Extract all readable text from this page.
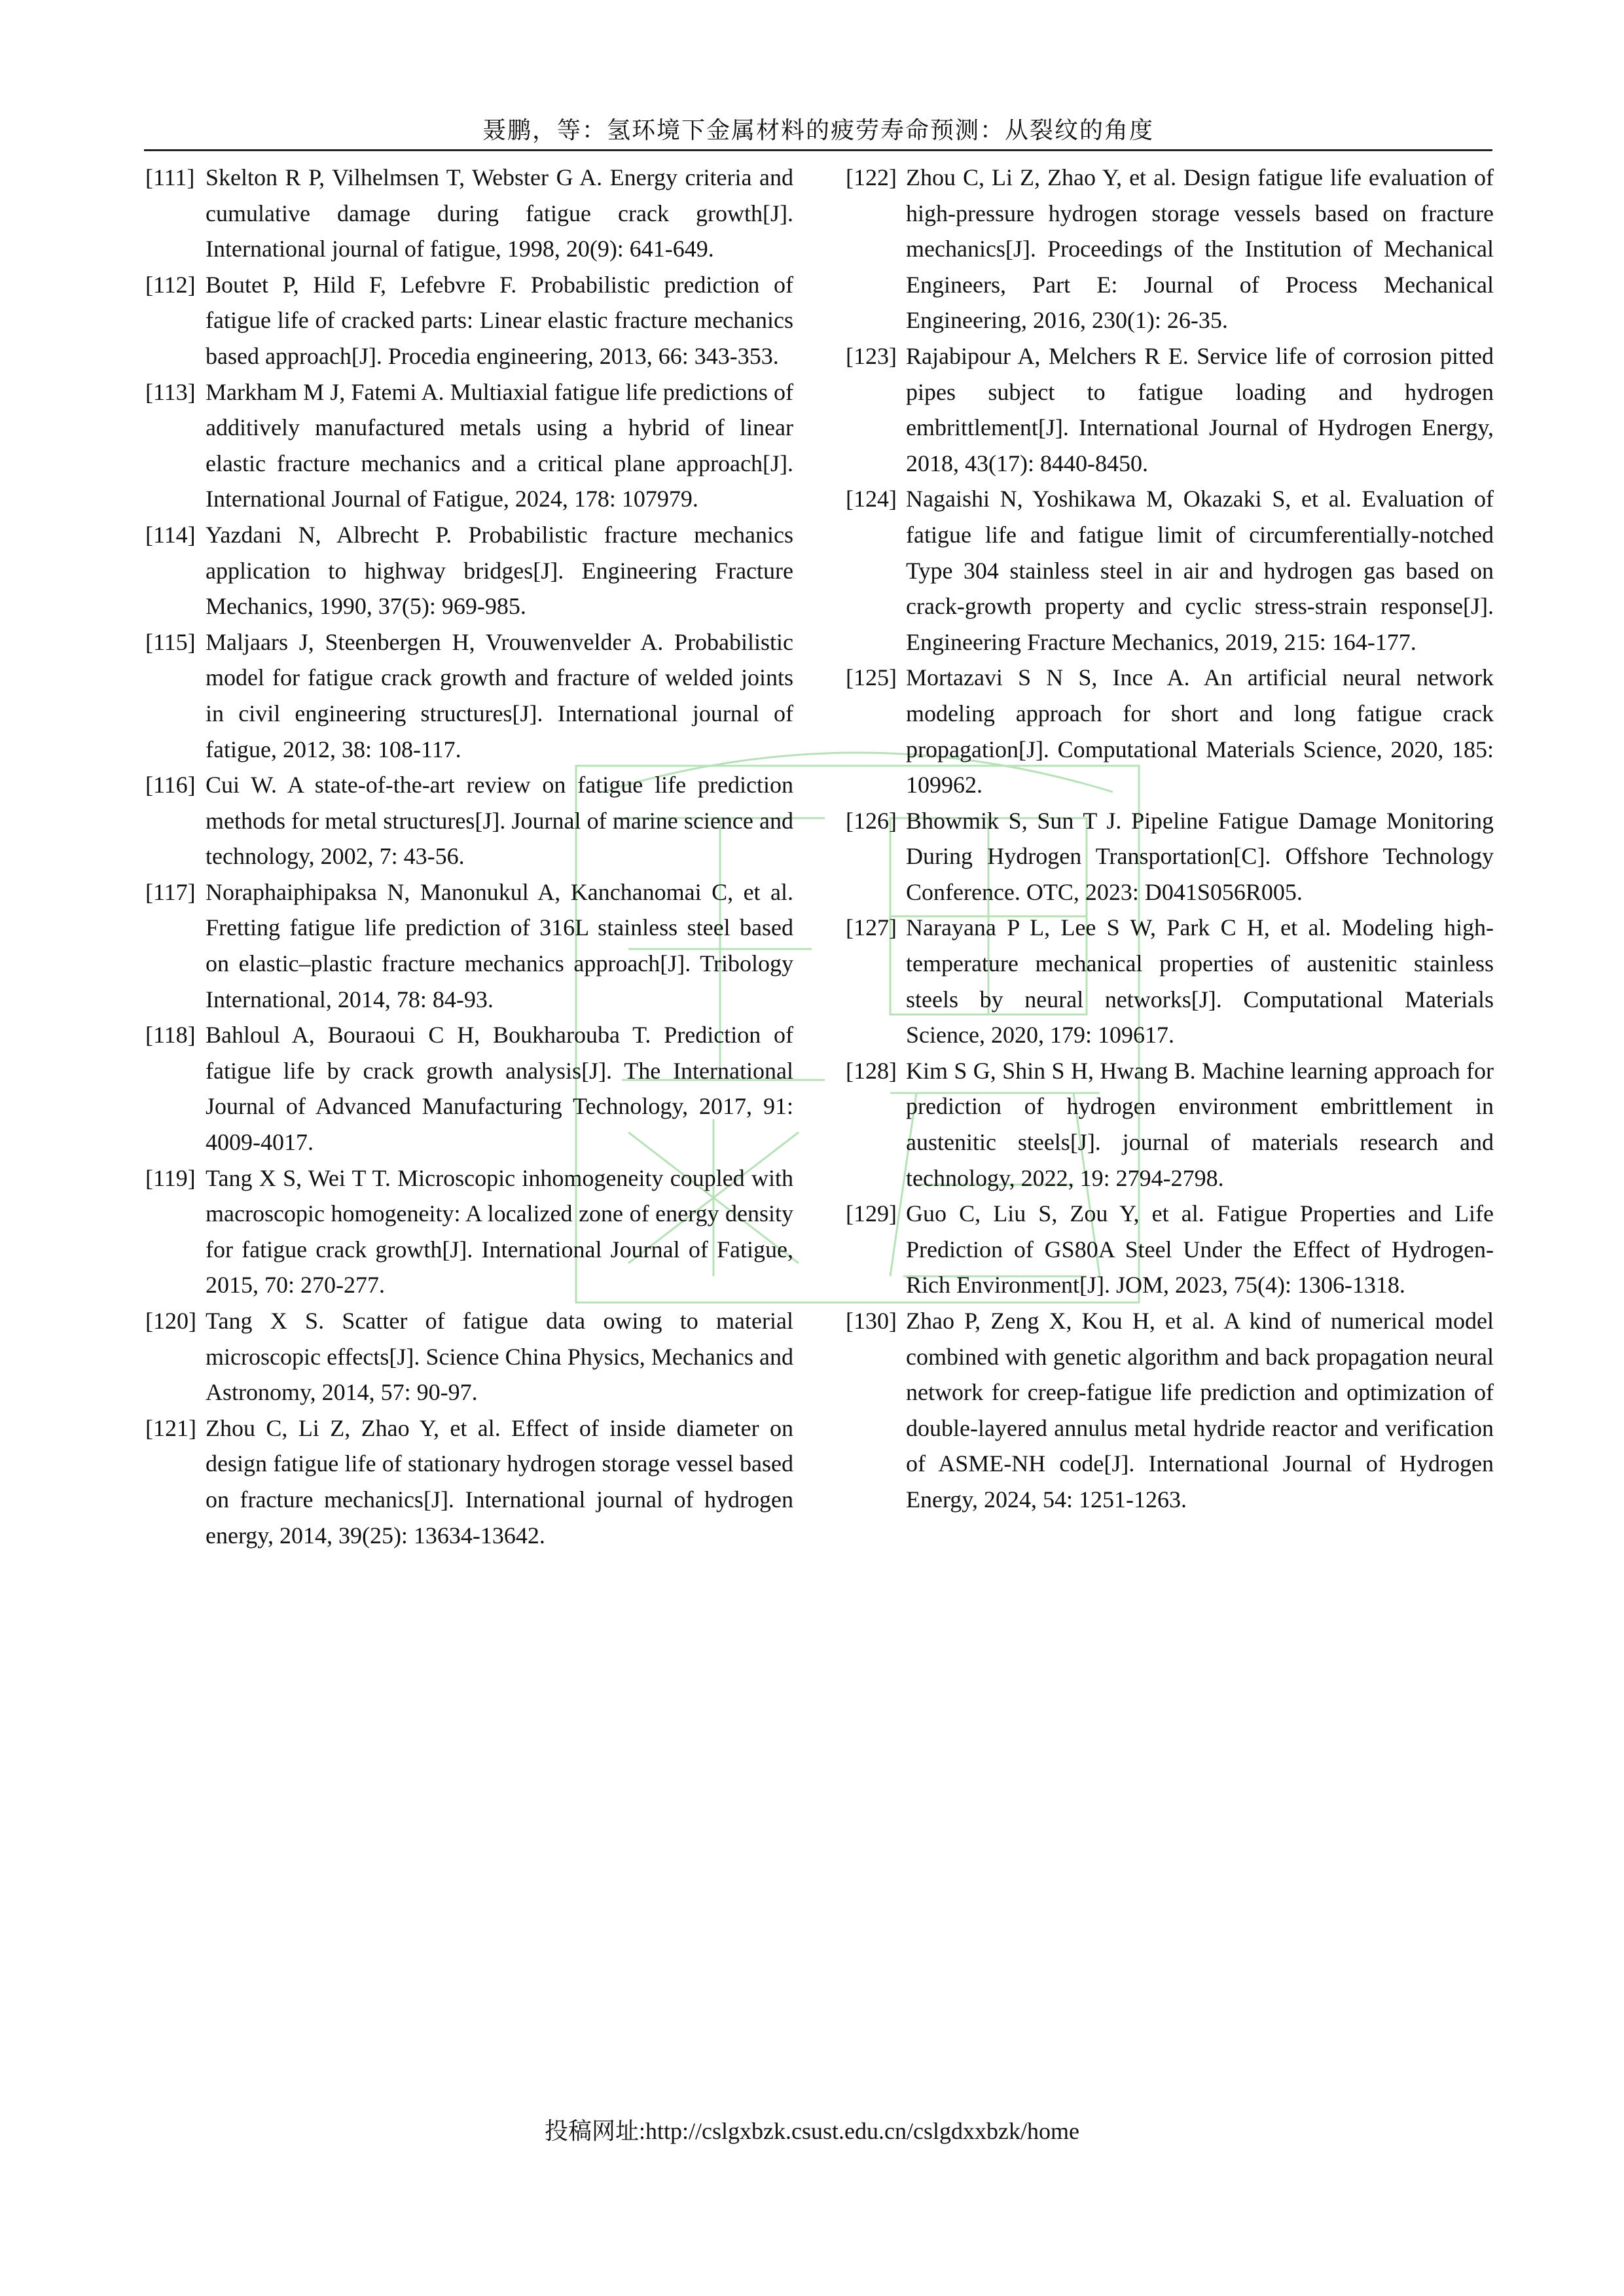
聂鹏，等：氢环境下金属材料的疲劳寿命预测：从裂纹的角度

[111] Skelton R P, Vilhelmsen T, Webster G A. Energy criteria and cumulative damage during fatigue crack growth[J]. International journal of fatigue, 1998, 20(9): 641-649.

[112] Boutet P, Hild F, Lefebvre F. Probabilistic prediction of fatigue life of cracked parts: Linear elastic fracture mechanics based approach[J]. Procedia engineering, 2013, 66: 343-353.

[113] Markham M J, Fatemi A. Multiaxial fatigue life predictions of additively manufactured metals using a hybrid of linear elastic fracture mechanics and a critical plane approach[J]. International Journal of Fatigue, 2024, 178: 107979.

[114] Yazdani N, Albrecht P. Probabilistic fracture mechanics application to highway bridges[J]. Engineering Fracture Mechanics, 1990, 37(5): 969-985.

[115] Maljaars J, Steenbergen H, Vrouwenvelder A. Probabilistic model for fatigue crack growth and fracture of welded joints in civil engineering structures[J]. International journal of fatigue, 2012, 38: 108-117.

[116] Cui W. A state-of-the-art review on fatigue life prediction methods for metal structures[J]. Journal of marine science and technology, 2002, 7: 43-56.

[117] Noraphaiphipaksa N, Manonukul A, Kanchanomai C, et al. Fretting fatigue life prediction of 316L stainless steel based on elastic–plastic fracture mechanics approach[J]. Tribology International, 2014, 78: 84-93.

[118] Bahloul A, Bouraoui C H, Boukharouba T. Prediction of fatigue life by crack growth analysis[J]. The International Journal of Advanced Manufacturing Technology, 2017, 91: 4009-4017.

[119] Tang X S, Wei T T. Microscopic inhomogeneity coupled with macroscopic homogeneity: A localized zone of energy density for fatigue crack growth[J]. International Journal of Fatigue, 2015, 70: 270-277.

[120] Tang X S. Scatter of fatigue data owing to material microscopic effects[J]. Science China Physics, Mechanics and Astronomy, 2014, 57: 90-97.

[121] Zhou C, Li Z, Zhao Y, et al. Effect of inside diameter on design fatigue life of stationary hydrogen storage vessel based on fracture mechanics[J]. International journal of hydrogen energy, 2014, 39(25): 13634-13642.

[122] Zhou C, Li Z, Zhao Y, et al. Design fatigue life evaluation of high-pressure hydrogen storage vessels based on fracture mechanics[J]. Proceedings of the Institution of Mechanical Engineers, Part E: Journal of Process Mechanical Engineering, 2016, 230(1): 26-35.

[123] Rajabipour A, Melchers R E. Service life of corrosion pitted pipes subject to fatigue loading and hydrogen embrittlement[J]. International Journal of Hydrogen Energy, 2018, 43(17): 8440-8450.

[124] Nagaishi N, Yoshikawa M, Okazaki S, et al. Evaluation of fatigue life and fatigue limit of circumferentially-notched Type 304 stainless steel in air and hydrogen gas based on crack-growth property and cyclic stress-strain response[J]. Engineering Fracture Mechanics, 2019, 215: 164-177.

[125] Mortazavi S N S, Ince A. An artificial neural network modeling approach for short and long fatigue crack propagation[J]. Computational Materials Science, 2020, 185: 109962.

[126] Bhowmik S, Sun T J. Pipeline Fatigue Damage Monitoring During Hydrogen Transportation[C]. Offshore Technology Conference. OTC, 2023: D041S056R005.

[127] Narayana P L, Lee S W, Park C H, et al. Modeling high-temperature mechanical properties of austenitic stainless steels by neural networks[J]. Computational Materials Science, 2020, 179: 109617.

[128] Kim S G, Shin S H, Hwang B. Machine learning approach for prediction of hydrogen environment embrittlement in austenitic steels[J]. journal of materials research and technology, 2022, 19: 2794-2798.

[129] Guo C, Liu S, Zou Y, et al. Fatigue Properties and Life Prediction of GS80A Steel Under the Effect of Hydrogen-Rich Environment[J]. JOM, 2023, 75(4): 1306-1318.

[130] Zhao P, Zeng X, Kou H, et al. A kind of numerical model combined with genetic algorithm and back propagation neural network for creep-fatigue life prediction and optimization of double-layered annulus metal hydride reactor and verification of ASME-NH code[J]. International Journal of Hydrogen Energy, 2024, 54: 1251-1263.

投稿网址:http://cslgxbzk.csust.edu.cn/cslgdxxbzk/home
